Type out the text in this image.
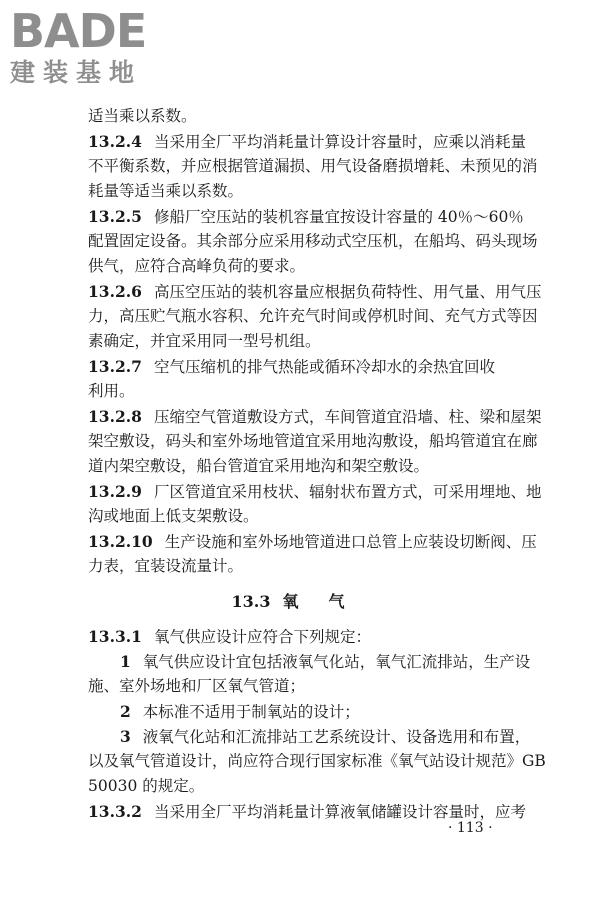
BADE
建装基地
适当乘以系数。
13.2.4 当采用全厂平均消耗量计算设计容量时，应乘以消耗量
不平衡系数，并应根据管道漏损、用气设备磨损增耗、未预见的消
耗量等适当乘以系数。
13.2.5 修船厂空压站的装机容量宜按设计容量的 40％～60％
配置固定设备。其余部分应采用移动式空压机，在船坞、码头现场
供气，应符合高峰负荷的要求。
13.2.6 高压空压站的装机容量应根据负荷特性、用气量、用气压
力，高压贮气瓶水容积、允许充气时间或停机时间、充气方式等因
素确定，并宜采用同一型号机组。
13.2.7 空气压缩机的排气热能或循环冷却水的余热宜回收
利用。
13.2.8 压缩空气管道敷设方式，车间管道宜沿墙、柱、梁和屋架
架空敷设，码头和室外场地管道宜采用地沟敷设，船坞管道宜在廊
道内架空敷设，船台管道宜采用地沟和架空敷设。
13.2.9 厂区管道宜采用枝状、辐射状布置方式，可采用埋地、地
沟或地面上低支架敷设。
13.2.10 生产设施和室外场地管道进口总管上应装设切断阀、压
力表，宜装设流量计。
13.3 氧气
13.3.1 氧气供应设计应符合下列规定：
1 氧气供应设计宜包括液氧气化站，氧气汇流排站，生产设
施、室外场地和厂区氧气管道；
2 本标准不适用于制氧站的设计；
3 液氧气化站和汇流排站工艺系统设计、设备选用和布置，
以及氧气管道设计，尚应符合现行国家标准《氧气站设计规范》GB
50030 的规定。
13.3.2 当采用全厂平均消耗量计算液氧储罐设计容量时，应考
· 113 ·
